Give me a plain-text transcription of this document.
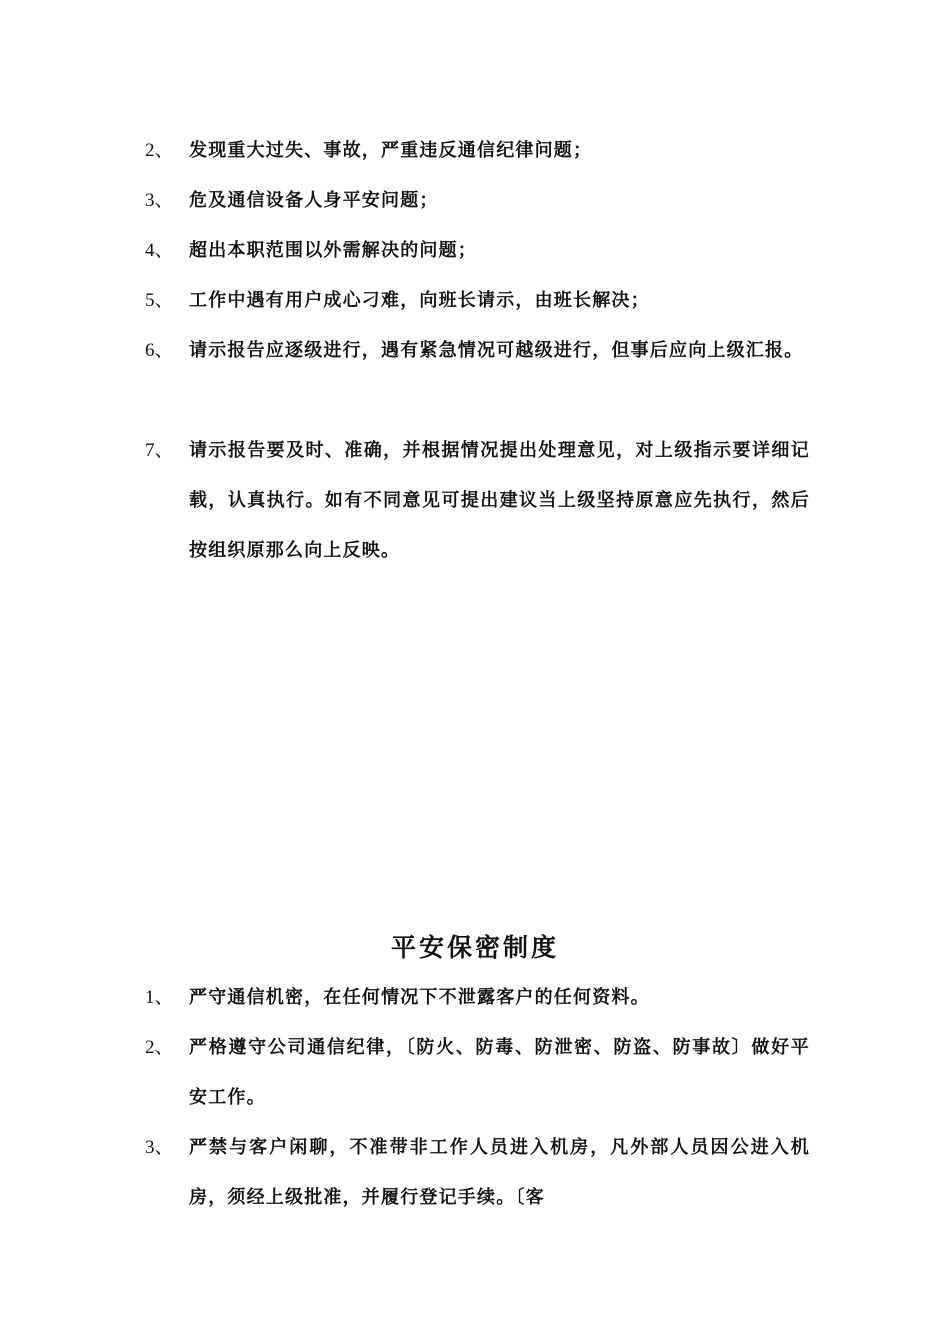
2、 发现重大过失、事故，严重违反通信纪律问题；
3、 危及通信设备人身平安问题；
4、 超出本职范围以外需解决的问题；
5、 工作中遇有用户成心刁难，向班长请示，由班长解决；
6、 请示报告应逐级进行，遇有紧急情况可越级进行，但事后应向上级汇报。
7、 请示报告要及时、准确，并根据情况提出处理意见，对上级指示要详细记载，认真执行。如有不同意见可提出建议当上级坚持原意应先执行，然后按组织原那么向上反映。
平安保密制度
1、 严守通信机密，在任何情况下不泄露客户的任何资料。
2、 严格遵守公司通信纪律，〔防火、防毒、防泄密、防盗、防事故〕做好平安工作。
3、 严禁与客户闲聊，不准带非工作人员进入机房，凡外部人员因公进入机房，须经上级批准，并履行登记手续。〔客
